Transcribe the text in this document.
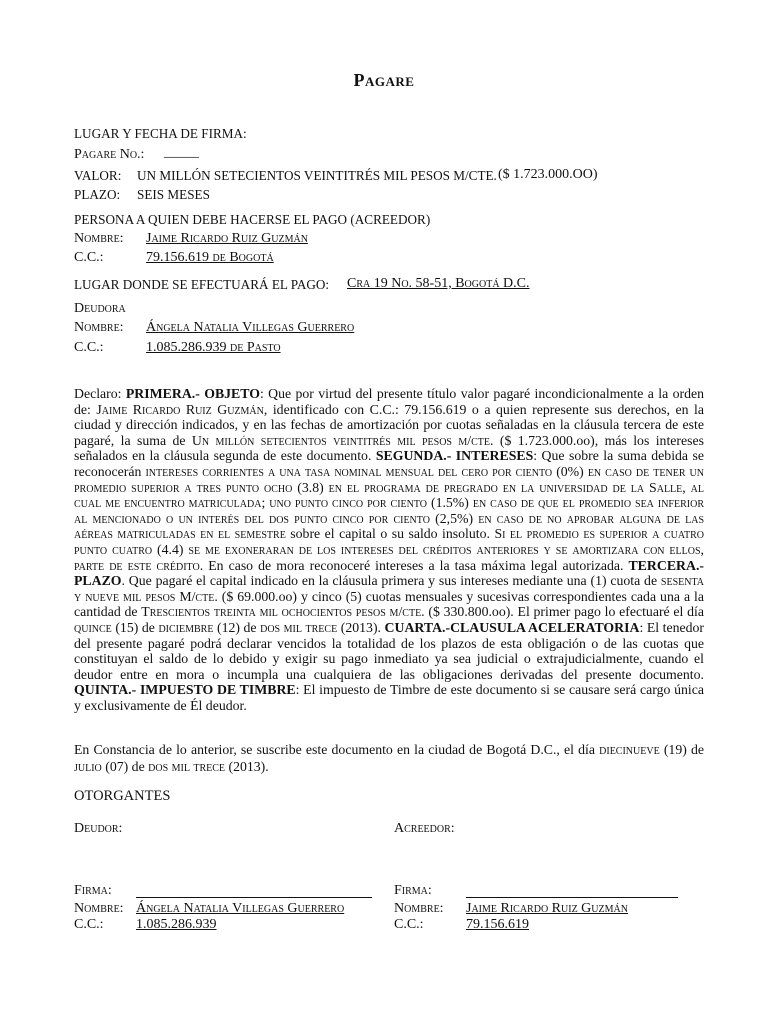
Pagare
LUGAR Y FECHA DE FIRMA:
Pagare No.: _____
VALOR: UN MILLÓN SETECIENTOS VEINTITRÉS MIL PESOS M/CTE. ($ 1.723.000.OO)
PLAZO: SEIS MESES
PERSONA A QUIEN DEBE HACERSE EL PAGO (ACREEDOR)
Nombre: Jaime Ricardo Ruiz Guzmán
C.C.:	79.156.619 de Bogotá
LUGAR DONDE SE EFECTUARÁ EL PAGO: Cra 19 No. 58-51, Bogotá D.C.
Deudora
Nombre: Ángela Natalia Villegas Guerrero
C.C.:	1.085.286.939 de Pasto
Declaro: PRIMERA.- OBJETO: Que por virtud del presente título valor pagaré incondicionalmente a la orden de: Jaime Ricardo Ruiz Guzmán, identificado con C.C.: 79.156.619 o a quien represente sus derechos, en la ciudad y dirección indicados, y en las fechas de amortización por cuotas señaladas en la cláusula tercera de este pagaré, la suma de Un millón setecientos veintitrés mil pesos m/cte. ($ 1.723.000.oo), más los intereses señalados en la cláusula segunda de este documento. SEGUNDA.- INTERESES: Que sobre la suma debida se reconocerán intereses corrientes a una tasa nominal mensual del cero por ciento (0%) en caso de tener un promedio superior a tres punto ocho (3.8) en el programa de pregrado en la universidad de la Salle, al cual me encuentro matriculada; uno punto cinco por ciento (1.5%) en caso de que el promedio sea inferior al mencionado o un interés del dos punto cinco por ciento (2,5%) en caso de no aprobar alguna de las aéreas matriculadas en el semestre sobre el capital o su saldo insoluto. Si el promedio es superior a cuatro punto cuatro (4.4) se me exoneraran de los intereses del créditos anteriores y se amortizara con ellos, parte de este crédito. En caso de mora reconoceré intereses a la tasa máxima legal autorizada. TERCERA.-PLAZO. Que pagaré el capital indicado en la cláusula primera y sus intereses mediante una (1) cuota de sesenta y nueve mil pesos M/cte. ($ 69.000.oo) y cinco (5) cuotas mensuales y sucesivas correspondientes cada una a la cantidad de Trescientos treinta mil ochocientos pesos m/cte. ($ 330.800.oo). El primer pago lo efectuaré el día quince (15) de diciembre (12) de dos mil trece (2013). CUARTA.-CLAUSULA ACELERATORIA: El tenedor del presente pagaré podrá declarar vencidos la totalidad de los plazos de esta obligación o de las cuotas que constituyan el saldo de lo debido y exigir su pago inmediato ya sea judicial o extrajudicialmente, cuando el deudor entre en mora o incumpla una cualquiera de las obligaciones derivadas del presente documento. QUINTA.- IMPUESTO DE TIMBRE: El impuesto de Timbre de este documento si se causare será cargo única y exclusivamente de Él deudor.
En Constancia de lo anterior, se suscribe este documento en la ciudad de Bogotá D.C., el día diecinueve (19) de julio (07) de dos mil trece (2013).
OTORGANTES
Deudor:	Acreedor:
Firma:	Firma:
Nombre: Ángela Natalia Villegas Guerrero	Nombre: Jaime Ricardo Ruiz Guzmán
C.C.: 1.085.286.939	C.C.:	79.156.619
